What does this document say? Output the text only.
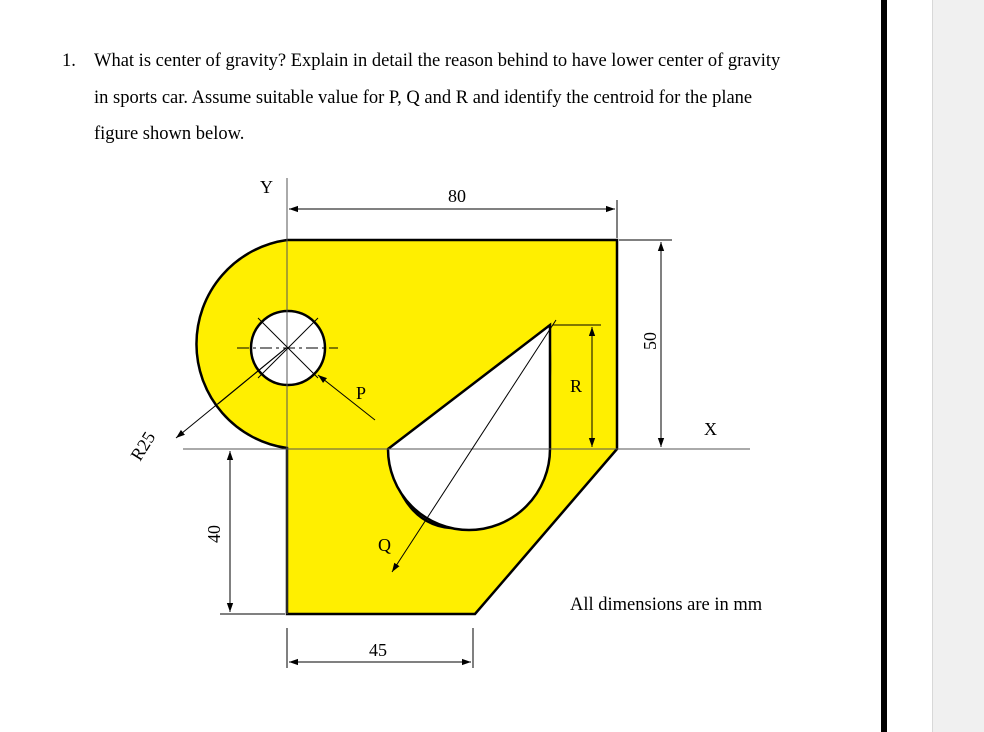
1. What is center of gravity? Explain in detail the reason behind to have lower center of gravity
in sports car. Assume suitable value for P, Q and R and identify the centroid for the plane
figure shown below.
Y
X
80
50
40
45
R25
P
Q
R
All dimensions are in mm
